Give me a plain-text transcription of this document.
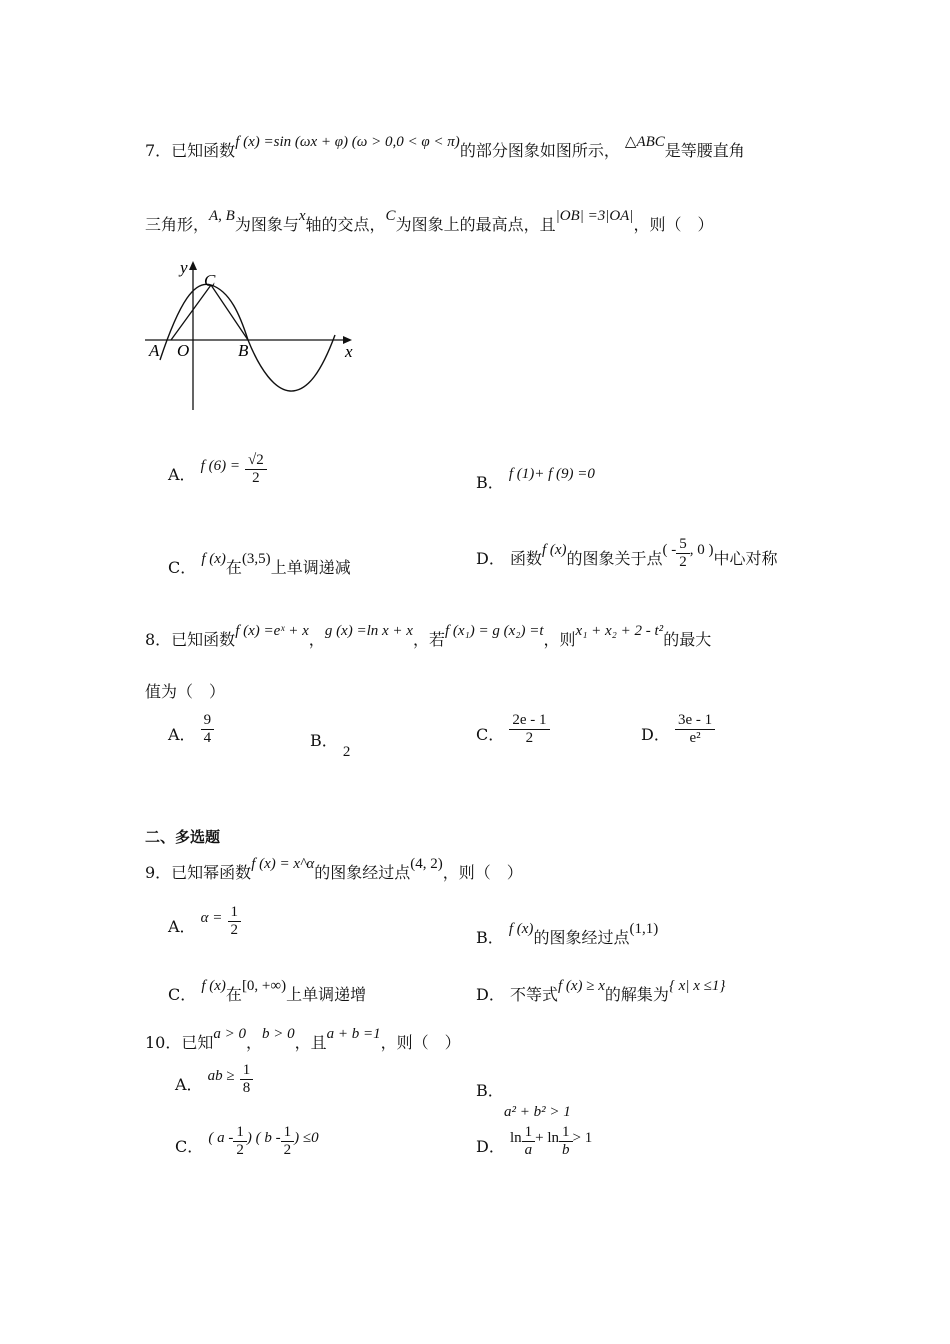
7．已知函数f (x) =sin (ωx + φ) (ω > 0,0 < φ < π)的部分图象如图所示， △ABC是等腰直角
三角形，A, B为图象与x轴的交点，C为图象上的最高点，且|OB| =3|OA|，则（　）
y
x
C
A O	B
A． f $(6) = \frac{√2}{2}$	B． f (1)+ f (9) =0
C． f (x)在(3,5)上单调递减	D． 函数f (x)的图象关于点( - $\frac{5}{2}$ , 0 )中心对称
8．已知函数f (x) =eˣ + x，g (x) =ln x + x，若f (x₁) = g (x₂) =t，则x₁ + x₂ + 2 - t²的最大
值为（　）
A． $\frac{9}{4}$	B． 2
C． $\frac{2e - 1}{2}$	D． $\frac{3e - 1}{\text{e²}}$
二、多选题
9．已知幂函数f (x) = x^α的图象经过点(4, 2)，则（　）
A． $\alpha = \frac{1}{2}$	B． f (x)的图象经过点(1,1)
C． f (x)在[0, +∞)上单调递增	D． 不等式f (x) ≥ x的解集为{ x| x ≤1}
10．已知a > 0，b > 0，且a + b =1，则（　）
A． ab ≥ $\frac{1}{8}$	B．
a² + b² > 1
C． ( a - $\frac{1}{2}$ ) ( b - $\frac{1}{2}$ ) ≤0	D． $\ln \frac{1}{a} + \ln \frac{1}{b} > 1$
